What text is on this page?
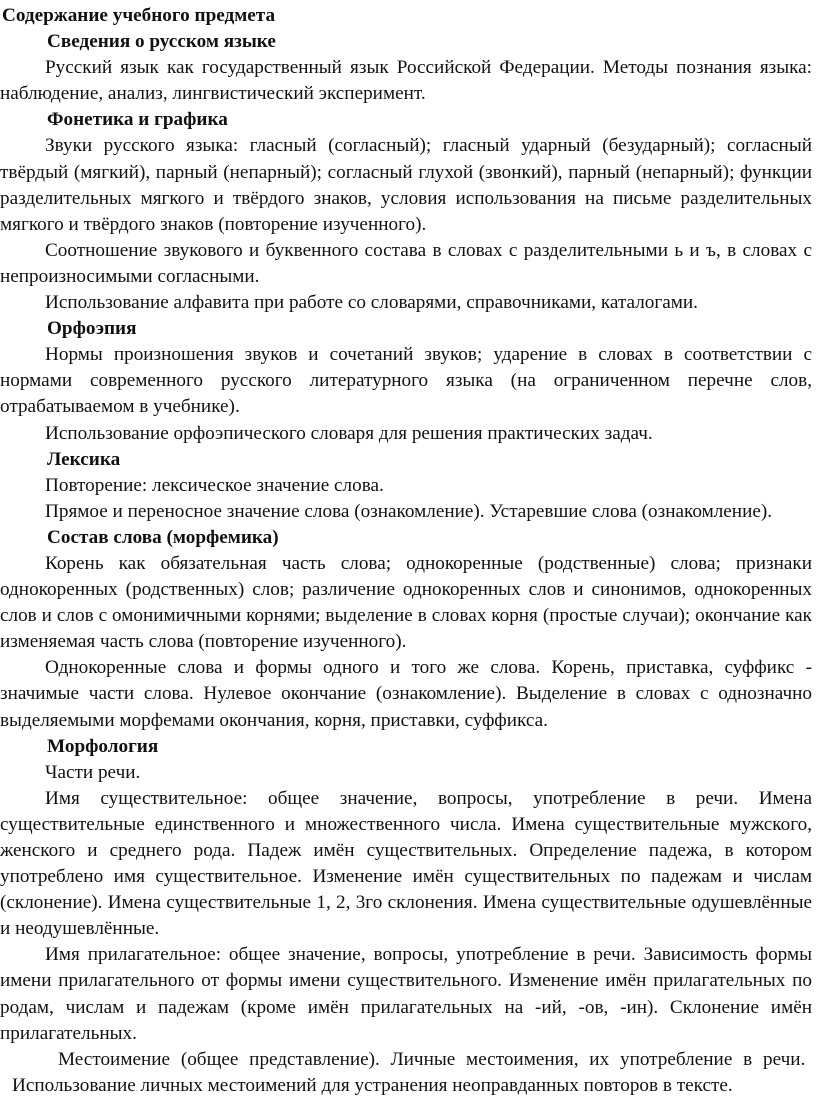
Содержание учебного предмета

Сведения о русском языке

Русский язык как государственный язык Российской Федерации. Методы познания языка: наблюдение, анализ, лингвистический эксперимент.

Фонетика и графика

Звуки русского языка: гласный (согласный); гласный ударный (безударный); согласный твёрдый (мягкий), парный (непарный); согласный глухой (звонкий), парный (непарный); функции разделительных мягкого и твёрдого знаков, условия использования на письме разделительных мягкого и твёрдого знаков (повторение изученного).

Соотношение звукового и буквенного состава в словах с разделительными ь и ъ, в словах с непроизносимыми согласными.

Использование алфавита при работе со словарями, справочниками, каталогами.

Орфоэпия

Нормы произношения звуков и сочетаний звуков; ударение в словах в соответствии с нормами современного русского литературного языка (на ограниченном перечне слов, отрабатываемом в учебнике).

Использование орфоэпического словаря для решения практических задач.

Лексика

Повторение: лексическое значение слова.

Прямое и переносное значение слова (ознакомление). Устаревшие слова (ознакомление).

Состав слова (морфемика)

Корень как обязательная часть слова; однокоренные (родственные) слова; признаки однокоренных (родственных) слов; различение однокоренных слов и синонимов, однокоренных слов и слов с омонимичными корнями; выделение в словах корня (простые случаи); окончание как изменяемая часть слова (повторение изученного).

Однокоренные слова и формы одного и того же слова. Корень, приставка, суффикс - значимые части слова. Нулевое окончание (ознакомление). Выделение в словах с однозначно выделяемыми морфемами окончания, корня, приставки, суффикса.

Морфология

Части речи.

Имя существительное: общее значение, вопросы, употребление в речи. Имена существительные единственного и множественного числа. Имена существительные мужского, женского и среднего рода. Падеж имён существительных. Определение падежа, в котором употреблено имя существительное. Изменение имён существительных по падежам и числам (склонение). Имена существительные 1, 2, 3го склонения. Имена существительные одушевлённые и неодушевлённые.

Имя прилагательное: общее значение, вопросы, употребление в речи. Зависимость формы имени прилагательного от формы имени существительного. Изменение имён прилагательных по родам, числам и падежам (кроме имён прилагательных на -ий, -ов, -ин). Склонение имён прилагательных.

Местоимение (общее представление). Личные местоимения, их употребление в речи.
Использование личных местоимений для устранения неоправданных повторов в тексте.
